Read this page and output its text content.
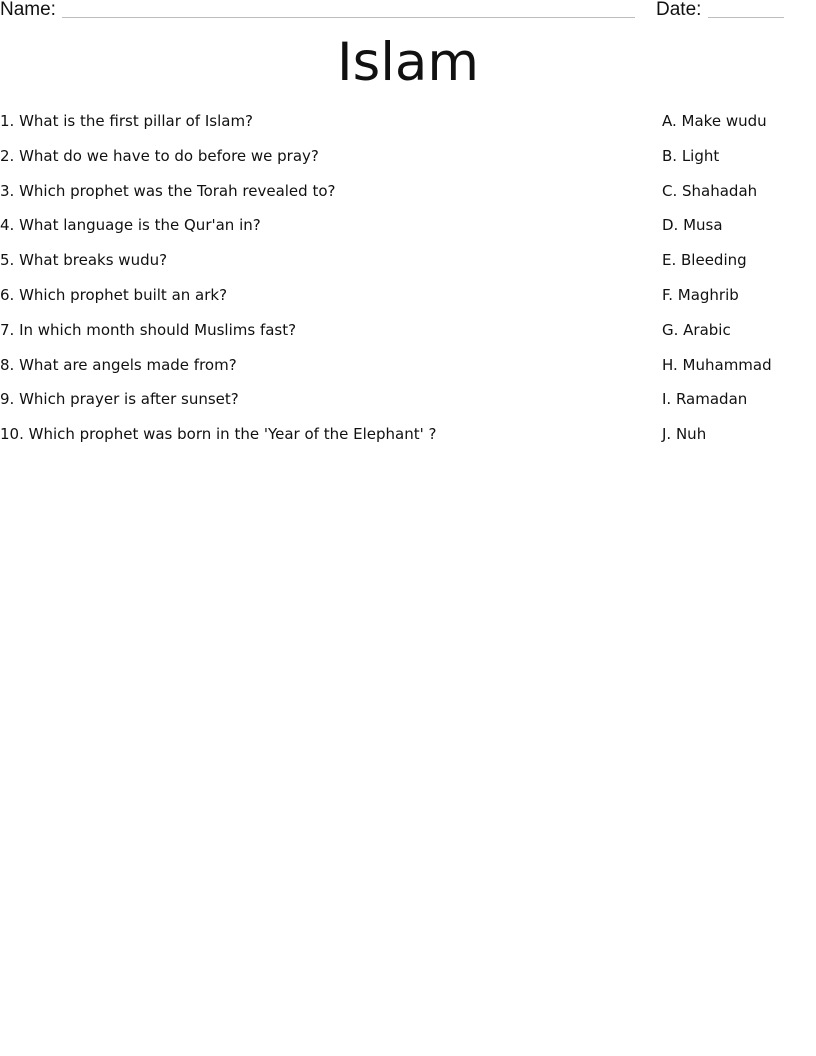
Name:	Date:
Islam
1. What is the first pillar of Islam?
2. What do we have to do before we pray?
3. Which prophet was the Torah revealed to?
4. What language is the Qur'an in?
5. What breaks wudu?
6. Which prophet built an ark?
7. In which month should Muslims fast?
8. What are angels made from?
9. Which prayer is after sunset?
10. Which prophet was born in the 'Year of the Elephant' ?
A. Make wudu
B. Light
C. Shahadah
D. Musa
E. Bleeding
F. Maghrib
G. Arabic
H. Muhammad
I. Ramadan
J. Nuh
